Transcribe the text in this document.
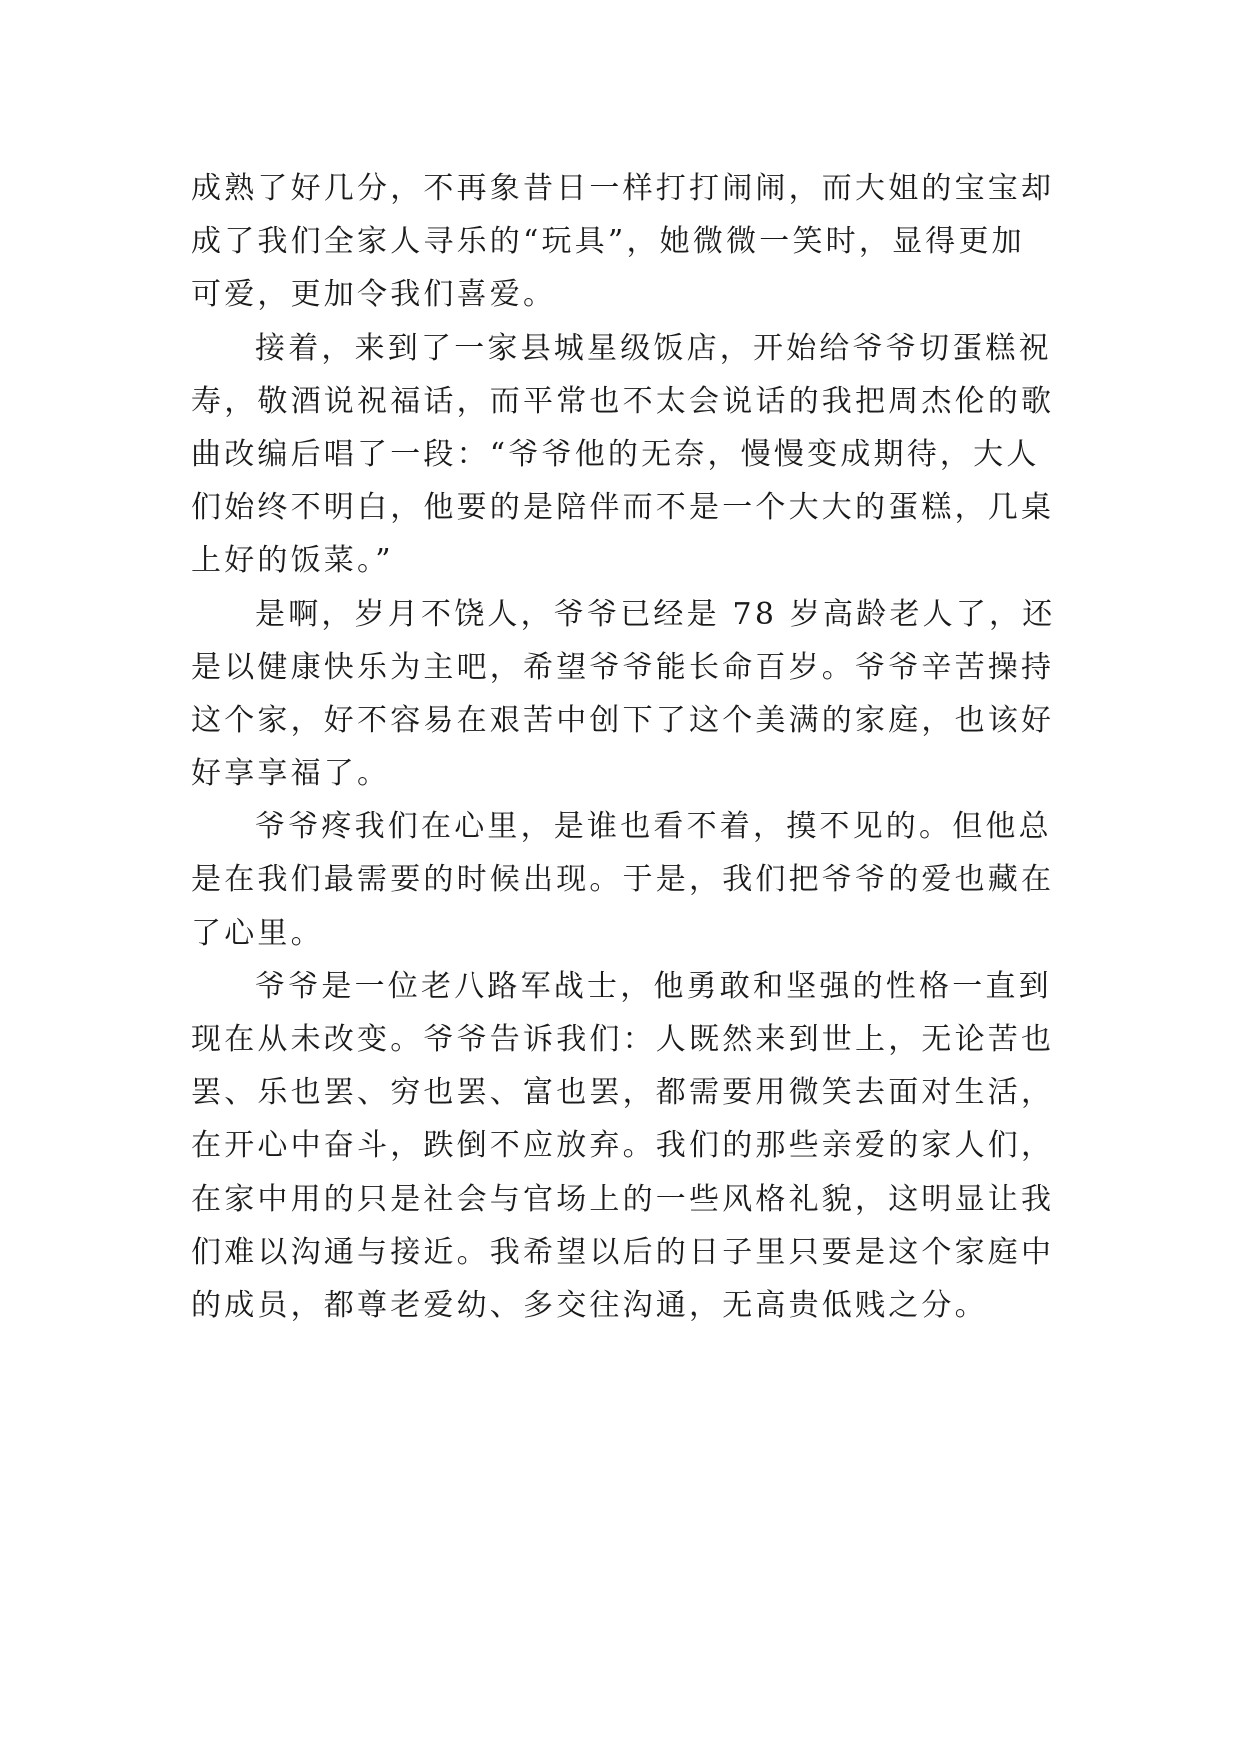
成熟了好几分，不再象昔日一样打打闹闹，而大姐的宝宝却
成了我们全家人寻乐的“玩具”，她微微一笑时，显得更加
可爱，更加令我们喜爱。
接着，来到了一家县城星级饭店，开始给爷爷切蛋糕祝
寿，敬酒说祝福话，而平常也不太会说话的我把周杰伦的歌
曲改编后唱了一段：“爷爷他的无奈，慢慢变成期待，大人
们始终不明白，他要的是陪伴而不是一个大大的蛋糕，几桌
上好的饭菜。”
是啊，岁月不饶人，爷爷已经是 78 岁高龄老人了，还
是以健康快乐为主吧，希望爷爷能长命百岁。爷爷辛苦操持
这个家，好不容易在艰苦中创下了这个美满的家庭，也该好
好享享福了。
爷爷疼我们在心里，是谁也看不着，摸不见的。但他总
是在我们最需要的时候出现。于是，我们把爷爷的爱也藏在
了心里。
爷爷是一位老八路军战士，他勇敢和坚强的性格一直到
现在从未改变。爷爷告诉我们：人既然来到世上，无论苦也
罢、乐也罢、穷也罢、富也罢，都需要用微笑去面对生活，
在开心中奋斗，跌倒不应放弃。我们的那些亲爱的家人们，
在家中用的只是社会与官场上的一些风格礼貌，这明显让我
们难以沟通与接近。我希望以后的日子里只要是这个家庭中
的成员，都尊老爱幼、多交往沟通，无高贵低贱之分。
